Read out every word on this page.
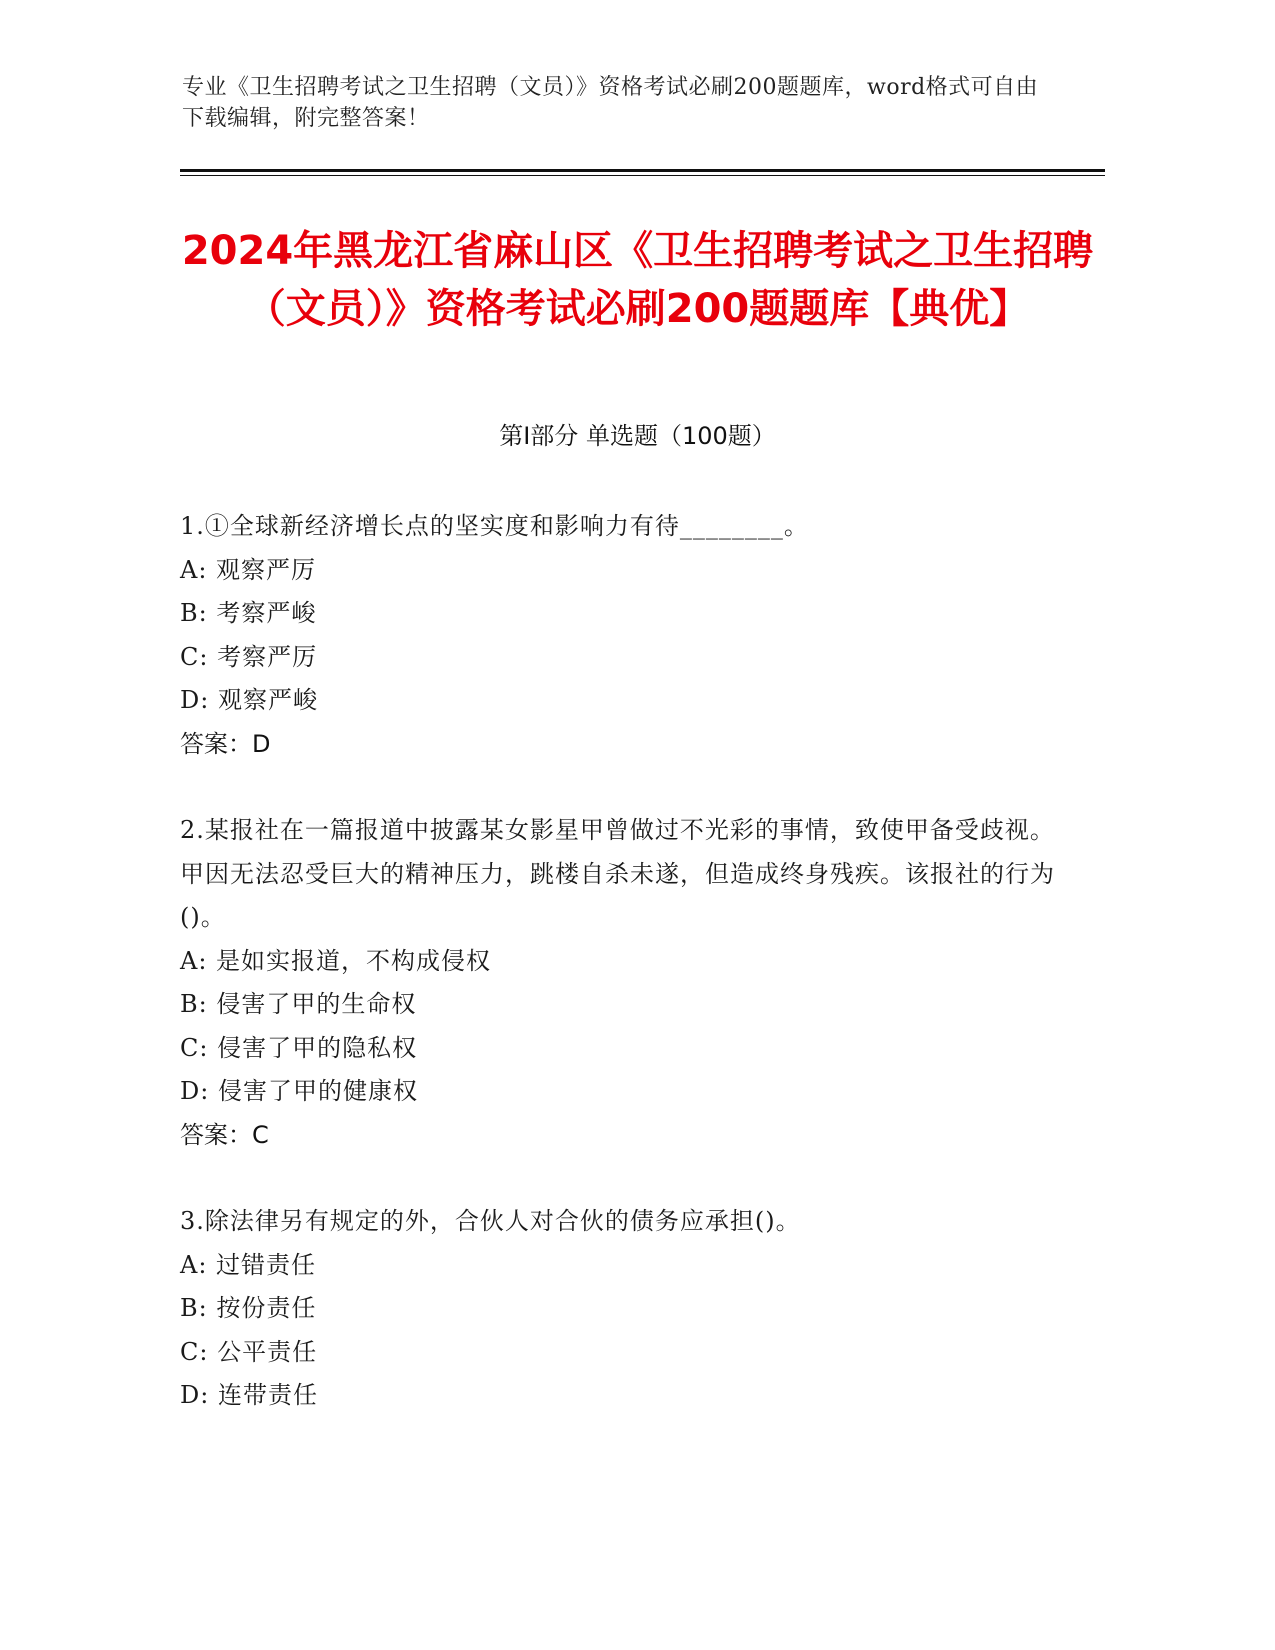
专业《卫生招聘考试之卫生招聘（文员）》资格考试必刷200题题库，word格式可自由下载编辑，附完整答案！
2024年黑龙江省麻山区《卫生招聘考试之卫生招聘（文员）》资格考试必刷200题题库【典优】
第Ⅰ部分 单选题（100题）
1.①全球新经济增长点的坚实度和影响力有待________。
A: 观察严厉
B: 考察严峻
C: 考察严厉
D: 观察严峻
答案：D
2.某报社在一篇报道中披露某女影星甲曾做过不光彩的事情，致使甲备受歧视。甲因无法忍受巨大的精神压力，跳楼自杀未遂，但造成终身残疾。该报社的行为()。
A: 是如实报道，不构成侵权
B: 侵害了甲的生命权
C: 侵害了甲的隐私权
D: 侵害了甲的健康权
答案：C
3.除法律另有规定的外，合伙人对合伙的债务应承担()。
A: 过错责任
B: 按份责任
C: 公平责任
D: 连带责任
